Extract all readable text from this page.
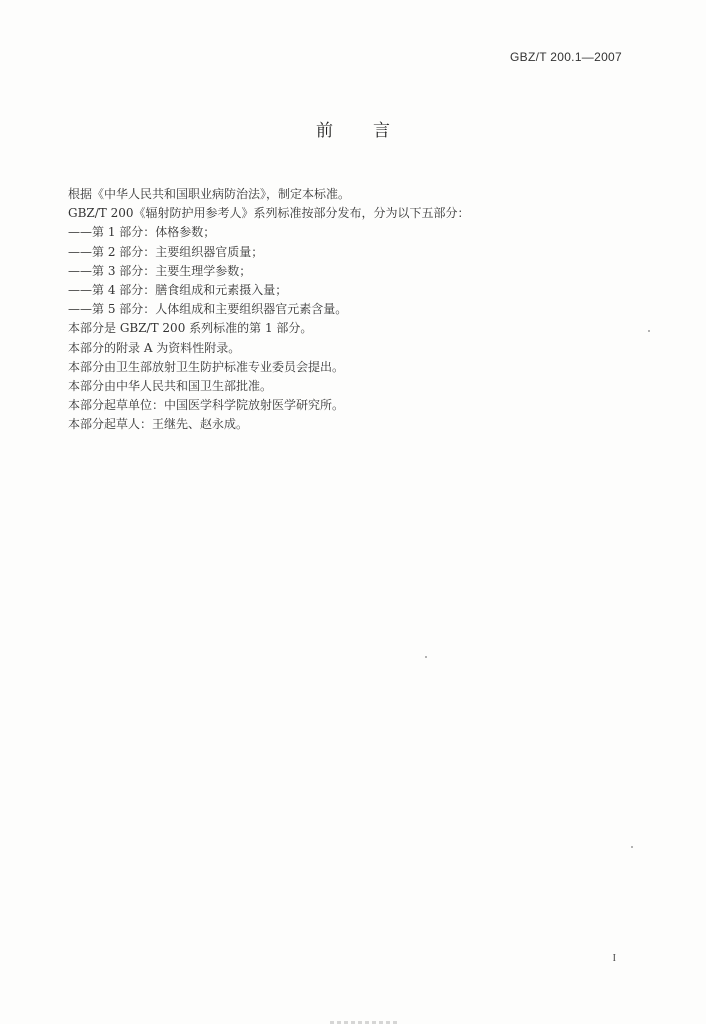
GBZ/T 200.1—2007
前言

根据《中华人民共和国职业病防治法》，制定本标准。

GBZ/T 200《辐射防护用参考人》系列标准按部分发布，分为以下五部分：

——第 1 部分：体格参数；

——第 2 部分：主要组织器官质量；

——第 3 部分：主要生理学参数；

——第 4 部分：膳食组成和元素摄入量；

——第 5 部分：人体组成和主要组织器官元素含量。

本部分是 GBZ/T 200 系列标准的第 1 部分。

本部分的附录 A 为资料性附录。

本部分由卫生部放射卫生防护标准专业委员会提出。

本部分由中华人民共和国卫生部批准。

本部分起草单位：中国医学科学院放射医学研究所。

本部分起草人：王继先、赵永成。

I
